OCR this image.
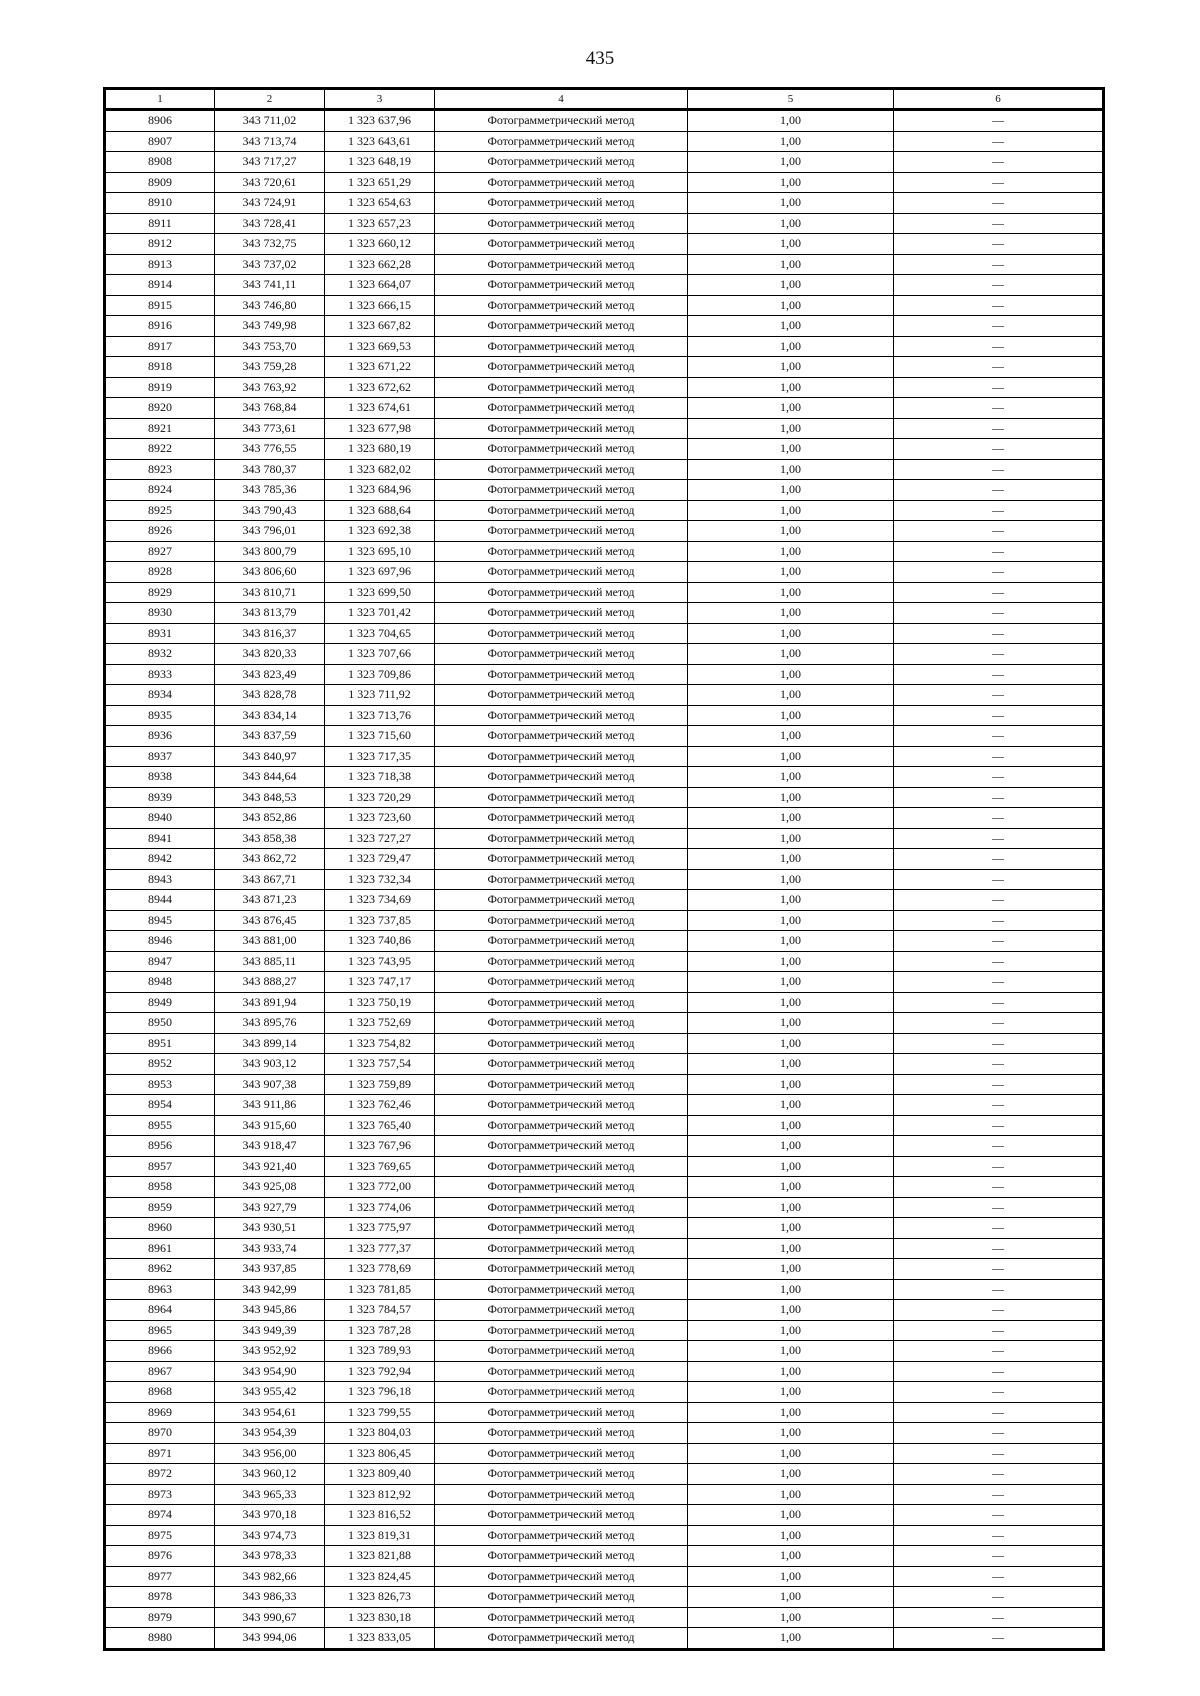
435
1	2	3	4	5	6
8906	343 711,02	1 323 637,96	Фотограмметрический метод	1,00	—
8907	343 713,74	1 323 643,61	Фотограмметрический метод	1,00	—
8908	343 717,27	1 323 648,19	Фотограмметрический метод	1,00	—
8909	343 720,61	1 323 651,29	Фотограмметрический метод	1,00	—
8910	343 724,91	1 323 654,63	Фотограмметрический метод	1,00	—
8911	343 728,41	1 323 657,23	Фотограмметрический метод	1,00	—
8912	343 732,75	1 323 660,12	Фотограмметрический метод	1,00	—
8913	343 737,02	1 323 662,28	Фотограмметрический метод	1,00	—
8914	343 741,11	1 323 664,07	Фотограмметрический метод	1,00	—
8915	343 746,80	1 323 666,15	Фотограмметрический метод	1,00	—
8916	343 749,98	1 323 667,82	Фотограмметрический метод	1,00	—
8917	343 753,70	1 323 669,53	Фотограмметрический метод	1,00	—
8918	343 759,28	1 323 671,22	Фотограмметрический метод	1,00	—
8919	343 763,92	1 323 672,62	Фотограмметрический метод	1,00	—
8920	343 768,84	1 323 674,61	Фотограмметрический метод	1,00	—
8921	343 773,61	1 323 677,98	Фотограмметрический метод	1,00	—
8922	343 776,55	1 323 680,19	Фотограмметрический метод	1,00	—
8923	343 780,37	1 323 682,02	Фотограмметрический метод	1,00	—
8924	343 785,36	1 323 684,96	Фотограмметрический метод	1,00	—
8925	343 790,43	1 323 688,64	Фотограмметрический метод	1,00	—
8926	343 796,01	1 323 692,38	Фотограмметрический метод	1,00	—
8927	343 800,79	1 323 695,10	Фотограмметрический метод	1,00	—
8928	343 806,60	1 323 697,96	Фотограмметрический метод	1,00	—
8929	343 810,71	1 323 699,50	Фотограмметрический метод	1,00	—
8930	343 813,79	1 323 701,42	Фотограмметрический метод	1,00	—
8931	343 816,37	1 323 704,65	Фотограмметрический метод	1,00	—
8932	343 820,33	1 323 707,66	Фотограмметрический метод	1,00	—
8933	343 823,49	1 323 709,86	Фотограмметрический метод	1,00	—
8934	343 828,78	1 323 711,92	Фотограмметрический метод	1,00	—
8935	343 834,14	1 323 713,76	Фотограмметрический метод	1,00	—
8936	343 837,59	1 323 715,60	Фотограмметрический метод	1,00	—
8937	343 840,97	1 323 717,35	Фотограмметрический метод	1,00	—
8938	343 844,64	1 323 718,38	Фотограмметрический метод	1,00	—
8939	343 848,53	1 323 720,29	Фотограмметрический метод	1,00	—
8940	343 852,86	1 323 723,60	Фотограмметрический метод	1,00	—
8941	343 858,38	1 323 727,27	Фотограмметрический метод	1,00	—
8942	343 862,72	1 323 729,47	Фотограмметрический метод	1,00	—
8943	343 867,71	1 323 732,34	Фотограмметрический метод	1,00	—
8944	343 871,23	1 323 734,69	Фотограмметрический метод	1,00	—
8945	343 876,45	1 323 737,85	Фотограмметрический метод	1,00	—
8946	343 881,00	1 323 740,86	Фотограмметрический метод	1,00	—
8947	343 885,11	1 323 743,95	Фотограмметрический метод	1,00	—
8948	343 888,27	1 323 747,17	Фотограмметрический метод	1,00	—
8949	343 891,94	1 323 750,19	Фотограмметрический метод	1,00	—
8950	343 895,76	1 323 752,69	Фотограмметрический метод	1,00	—
8951	343 899,14	1 323 754,82	Фотограмметрический метод	1,00	—
8952	343 903,12	1 323 757,54	Фотограмметрический метод	1,00	—
8953	343 907,38	1 323 759,89	Фотограмметрический метод	1,00	—
8954	343 911,86	1 323 762,46	Фотограмметрический метод	1,00	—
8955	343 915,60	1 323 765,40	Фотограмметрический метод	1,00	—
8956	343 918,47	1 323 767,96	Фотограмметрический метод	1,00	—
8957	343 921,40	1 323 769,65	Фотограмметрический метод	1,00	—
8958	343 925,08	1 323 772,00	Фотограмметрический метод	1,00	—
8959	343 927,79	1 323 774,06	Фотограмметрический метод	1,00	—
8960	343 930,51	1 323 775,97	Фотограмметрический метод	1,00	—
8961	343 933,74	1 323 777,37	Фотограмметрический метод	1,00	—
8962	343 937,85	1 323 778,69	Фотограмметрический метод	1,00	—
8963	343 942,99	1 323 781,85	Фотограмметрический метод	1,00	—
8964	343 945,86	1 323 784,57	Фотограмметрический метод	1,00	—
8965	343 949,39	1 323 787,28	Фотограмметрический метод	1,00	—
8966	343 952,92	1 323 789,93	Фотограмметрический метод	1,00	—
8967	343 954,90	1 323 792,94	Фотограмметрический метод	1,00	—
8968	343 955,42	1 323 796,18	Фотограмметрический метод	1,00	—
8969	343 954,61	1 323 799,55	Фотограмметрический метод	1,00	—
8970	343 954,39	1 323 804,03	Фотограмметрический метод	1,00	—
8971	343 956,00	1 323 806,45	Фотограмметрический метод	1,00	—
8972	343 960,12	1 323 809,40	Фотограмметрический метод	1,00	—
8973	343 965,33	1 323 812,92	Фотограмметрический метод	1,00	—
8974	343 970,18	1 323 816,52	Фотограмметрический метод	1,00	—
8975	343 974,73	1 323 819,31	Фотограмметрический метод	1,00	—
8976	343 978,33	1 323 821,88	Фотограмметрический метод	1,00	—
8977	343 982,66	1 323 824,45	Фотограмметрический метод	1,00	—
8978	343 986,33	1 323 826,73	Фотограмметрический метод	1,00	—
8979	343 990,67	1 323 830,18	Фотограмметрический метод	1,00	—
8980	343 994,06	1 323 833,05	Фотограмметрический метод	1,00	—
